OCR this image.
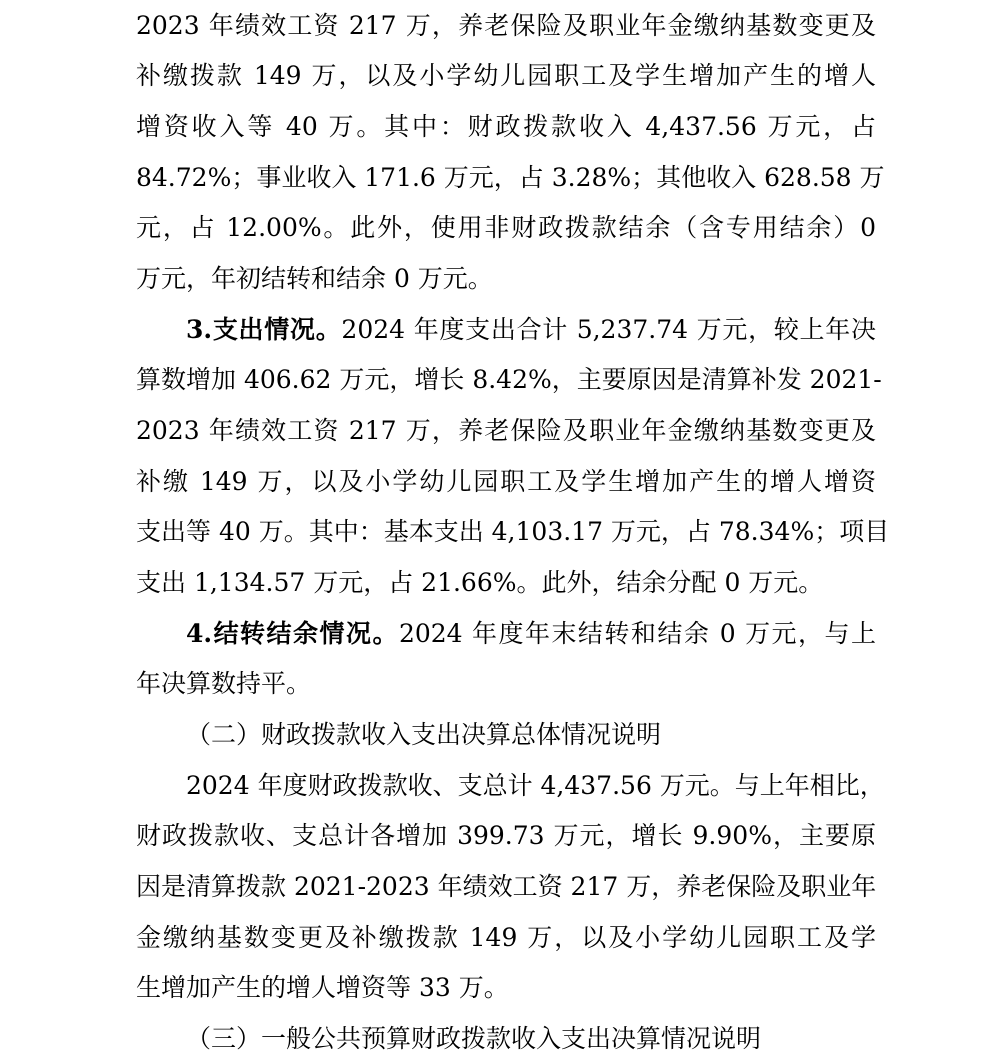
2023 年绩效工资 217 万，养老保险及职业年金缴纳基数变更及
补缴拨款 149 万，以及小学幼儿园职工及学生增加产生的增人
增资收入等 40 万。其中：财政拨款收入 4,437.56 万元，占
84.72%；事业收入 171.6 万元，占 3.28%；其他收入 628.58 万
元，占 12.00%。此外，使用非财政拨款结余（含专用结余）0
万元，年初结转和结余 0 万元。
3.支出情况。2024 年度支出合计 5,237.74 万元，较上年决
算数增加 406.62 万元，增长 8.42%，主要原因是清算补发 2021-
2023 年绩效工资 217 万，养老保险及职业年金缴纳基数变更及
补缴 149 万，以及小学幼儿园职工及学生增加产生的增人增资
支出等 40 万。其中：基本支出 4,103.17 万元，占 78.34%；项目
支出 1,134.57 万元，占 21.66%。此外，结余分配 0 万元。
4.结转结余情况。2024 年度年末结转和结余 0 万元，与上
年决算数持平。
（二）财政拨款收入支出决算总体情况说明
2024 年度财政拨款收、支总计 4,437.56 万元。与上年相比，
财政拨款收、支总计各增加 399.73 万元，增长 9.90%，主要原
因是清算拨款 2021-2023 年绩效工资 217 万，养老保险及职业年
金缴纳基数变更及补缴拨款 149 万，以及小学幼儿园职工及学
生增加产生的增人增资等 33 万。
（三）一般公共预算财政拨款收入支出决算情况说明
